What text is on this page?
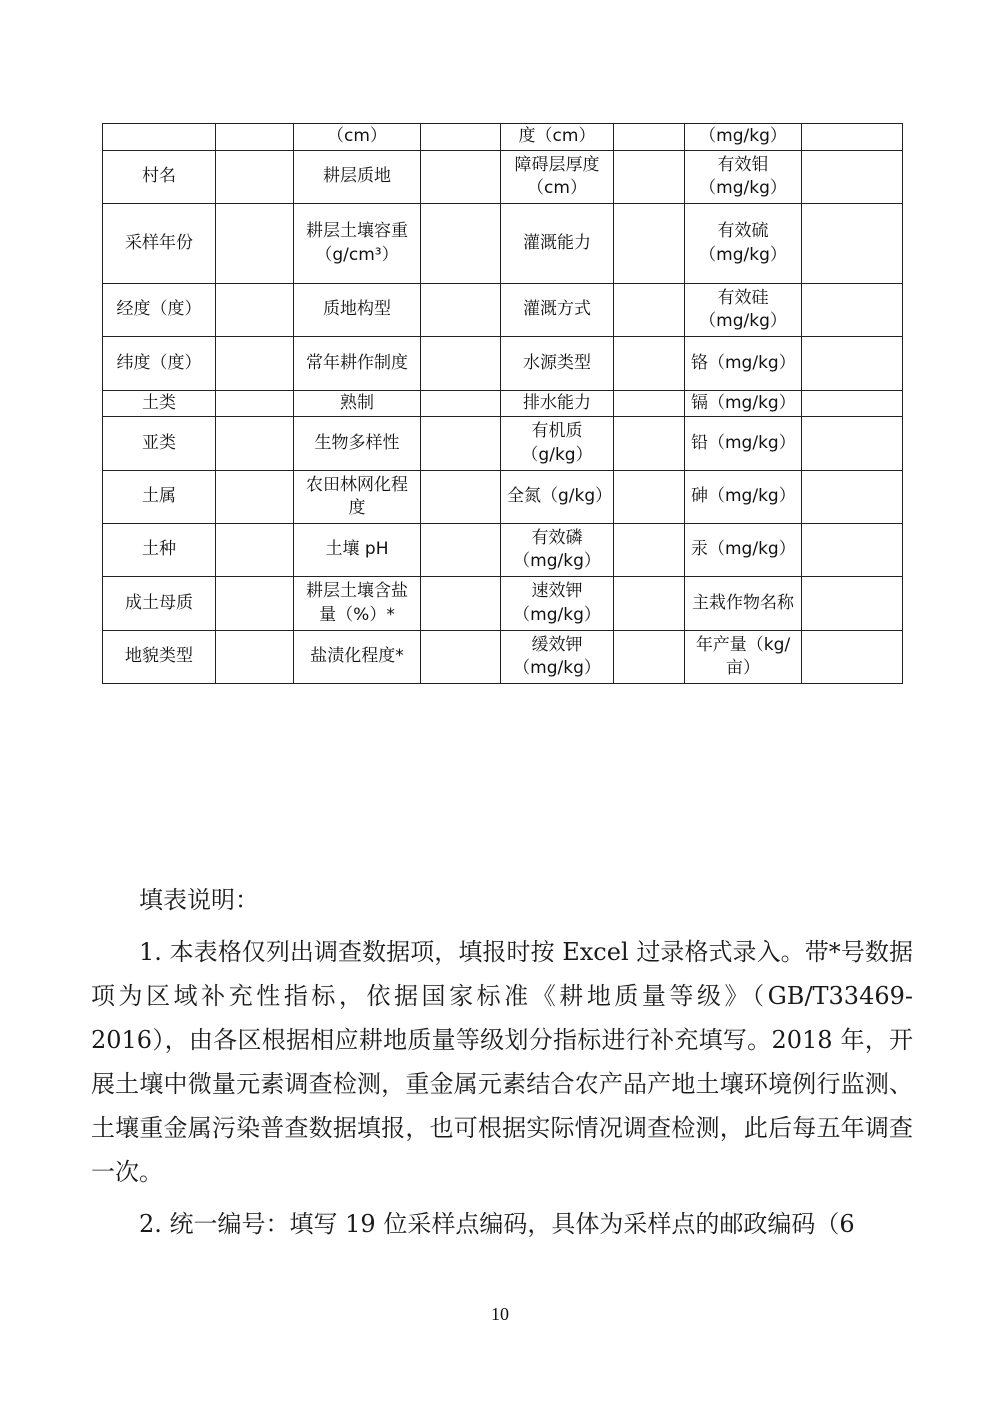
		（cm）		度（cm）		（mg/kg）	
村名		耕层质地		障碍层厚度（cm）		有效钼（mg/kg）	
采样年份		耕层土壤容重（g/cm³）		灌溉能力		有效硫（mg/kg）	
经度（度）		质地构型		灌溉方式		有效硅（mg/kg）	
纬度（度）		常年耕作制度		水源类型		铬（mg/kg）	
土类		熟制		排水能力		镉（mg/kg）	
亚类		生物多样性		有机质（g/kg）		铅（mg/kg）	
土属		农田林网化程度		全氮（g/kg）		砷（mg/kg）	
土种		土壤 pH		有效磷（mg/kg）		汞（mg/kg）	
成土母质		耕层土壤含盐量（%）*		速效钾（mg/kg）		主栽作物名称	
地貌类型		盐渍化程度*		缓效钾（mg/kg）		年产量（kg/亩）	

填表说明：

1. 本表格仅列出调查数据项，填报时按 Excel 过录格式录入。带*号数据项为区域补充性指标，依据国家标准《耕地质量等级》（GB/T33469-2016），由各区根据相应耕地质量等级划分指标进行补充填写。2018 年，开展土壤中微量元素调查检测，重金属元素结合农产品产地土壤环境例行监测、土壤重金属污染普查数据填报，也可根据实际情况调查检测，此后每五年调查一次。

2. 统一编号：填写 19 位采样点编码，具体为采样点的邮政编码（6

10
